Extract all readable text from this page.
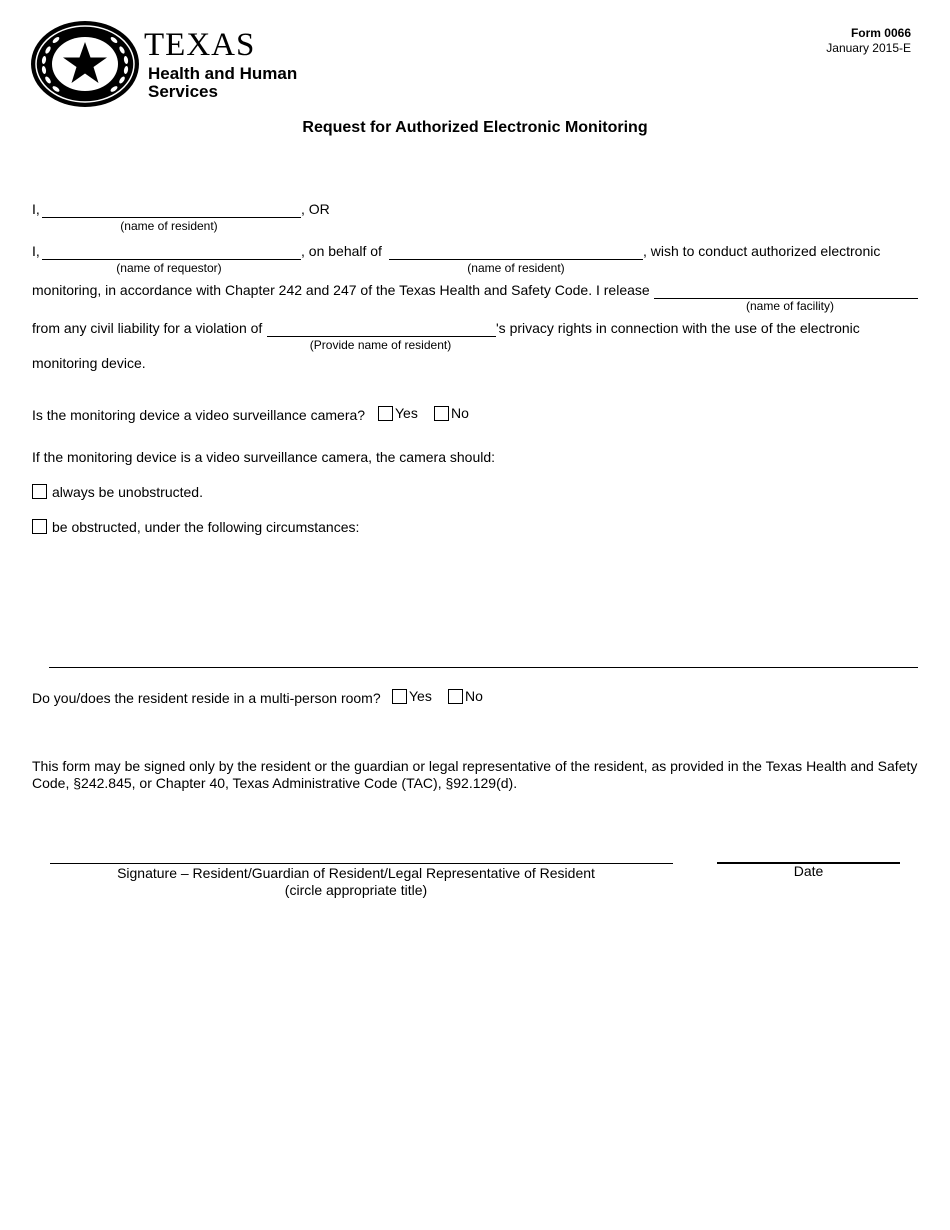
TEXAS
Health and Human
Services
Form 0066
January 2015-E
Request for Authorized Electronic Monitoring
I,	, OR
(name of resident)
I,	, on behalf of	, wish to conduct authorized electronic
(name of requestor)	(name of resident)
monitoring, in accordance with Chapter 242 and 247 of the Texas Health and Safety Code. I release
(name of facility)
from any civil liability for a violation of	's privacy rights in connection with the use of the electronic
(Provide name of resident)
monitoring device.
Is the monitoring device a video surveillance camera? Yes No
If the monitoring device is a video surveillance camera, the camera should:
always be unobstructed.
be obstructed, under the following circumstances:
Do you/does the resident reside in a multi-person room? Yes No
This form may be signed only by the resident or the guardian or legal representative of the resident, as provided in the Texas Health and Safety Code, §242.845, or Chapter 40, Texas Administrative Code (TAC), §92.129(d).
Signature – Resident/Guardian of Resident/Legal Representative of Resident
(circle appropriate title)
Date
